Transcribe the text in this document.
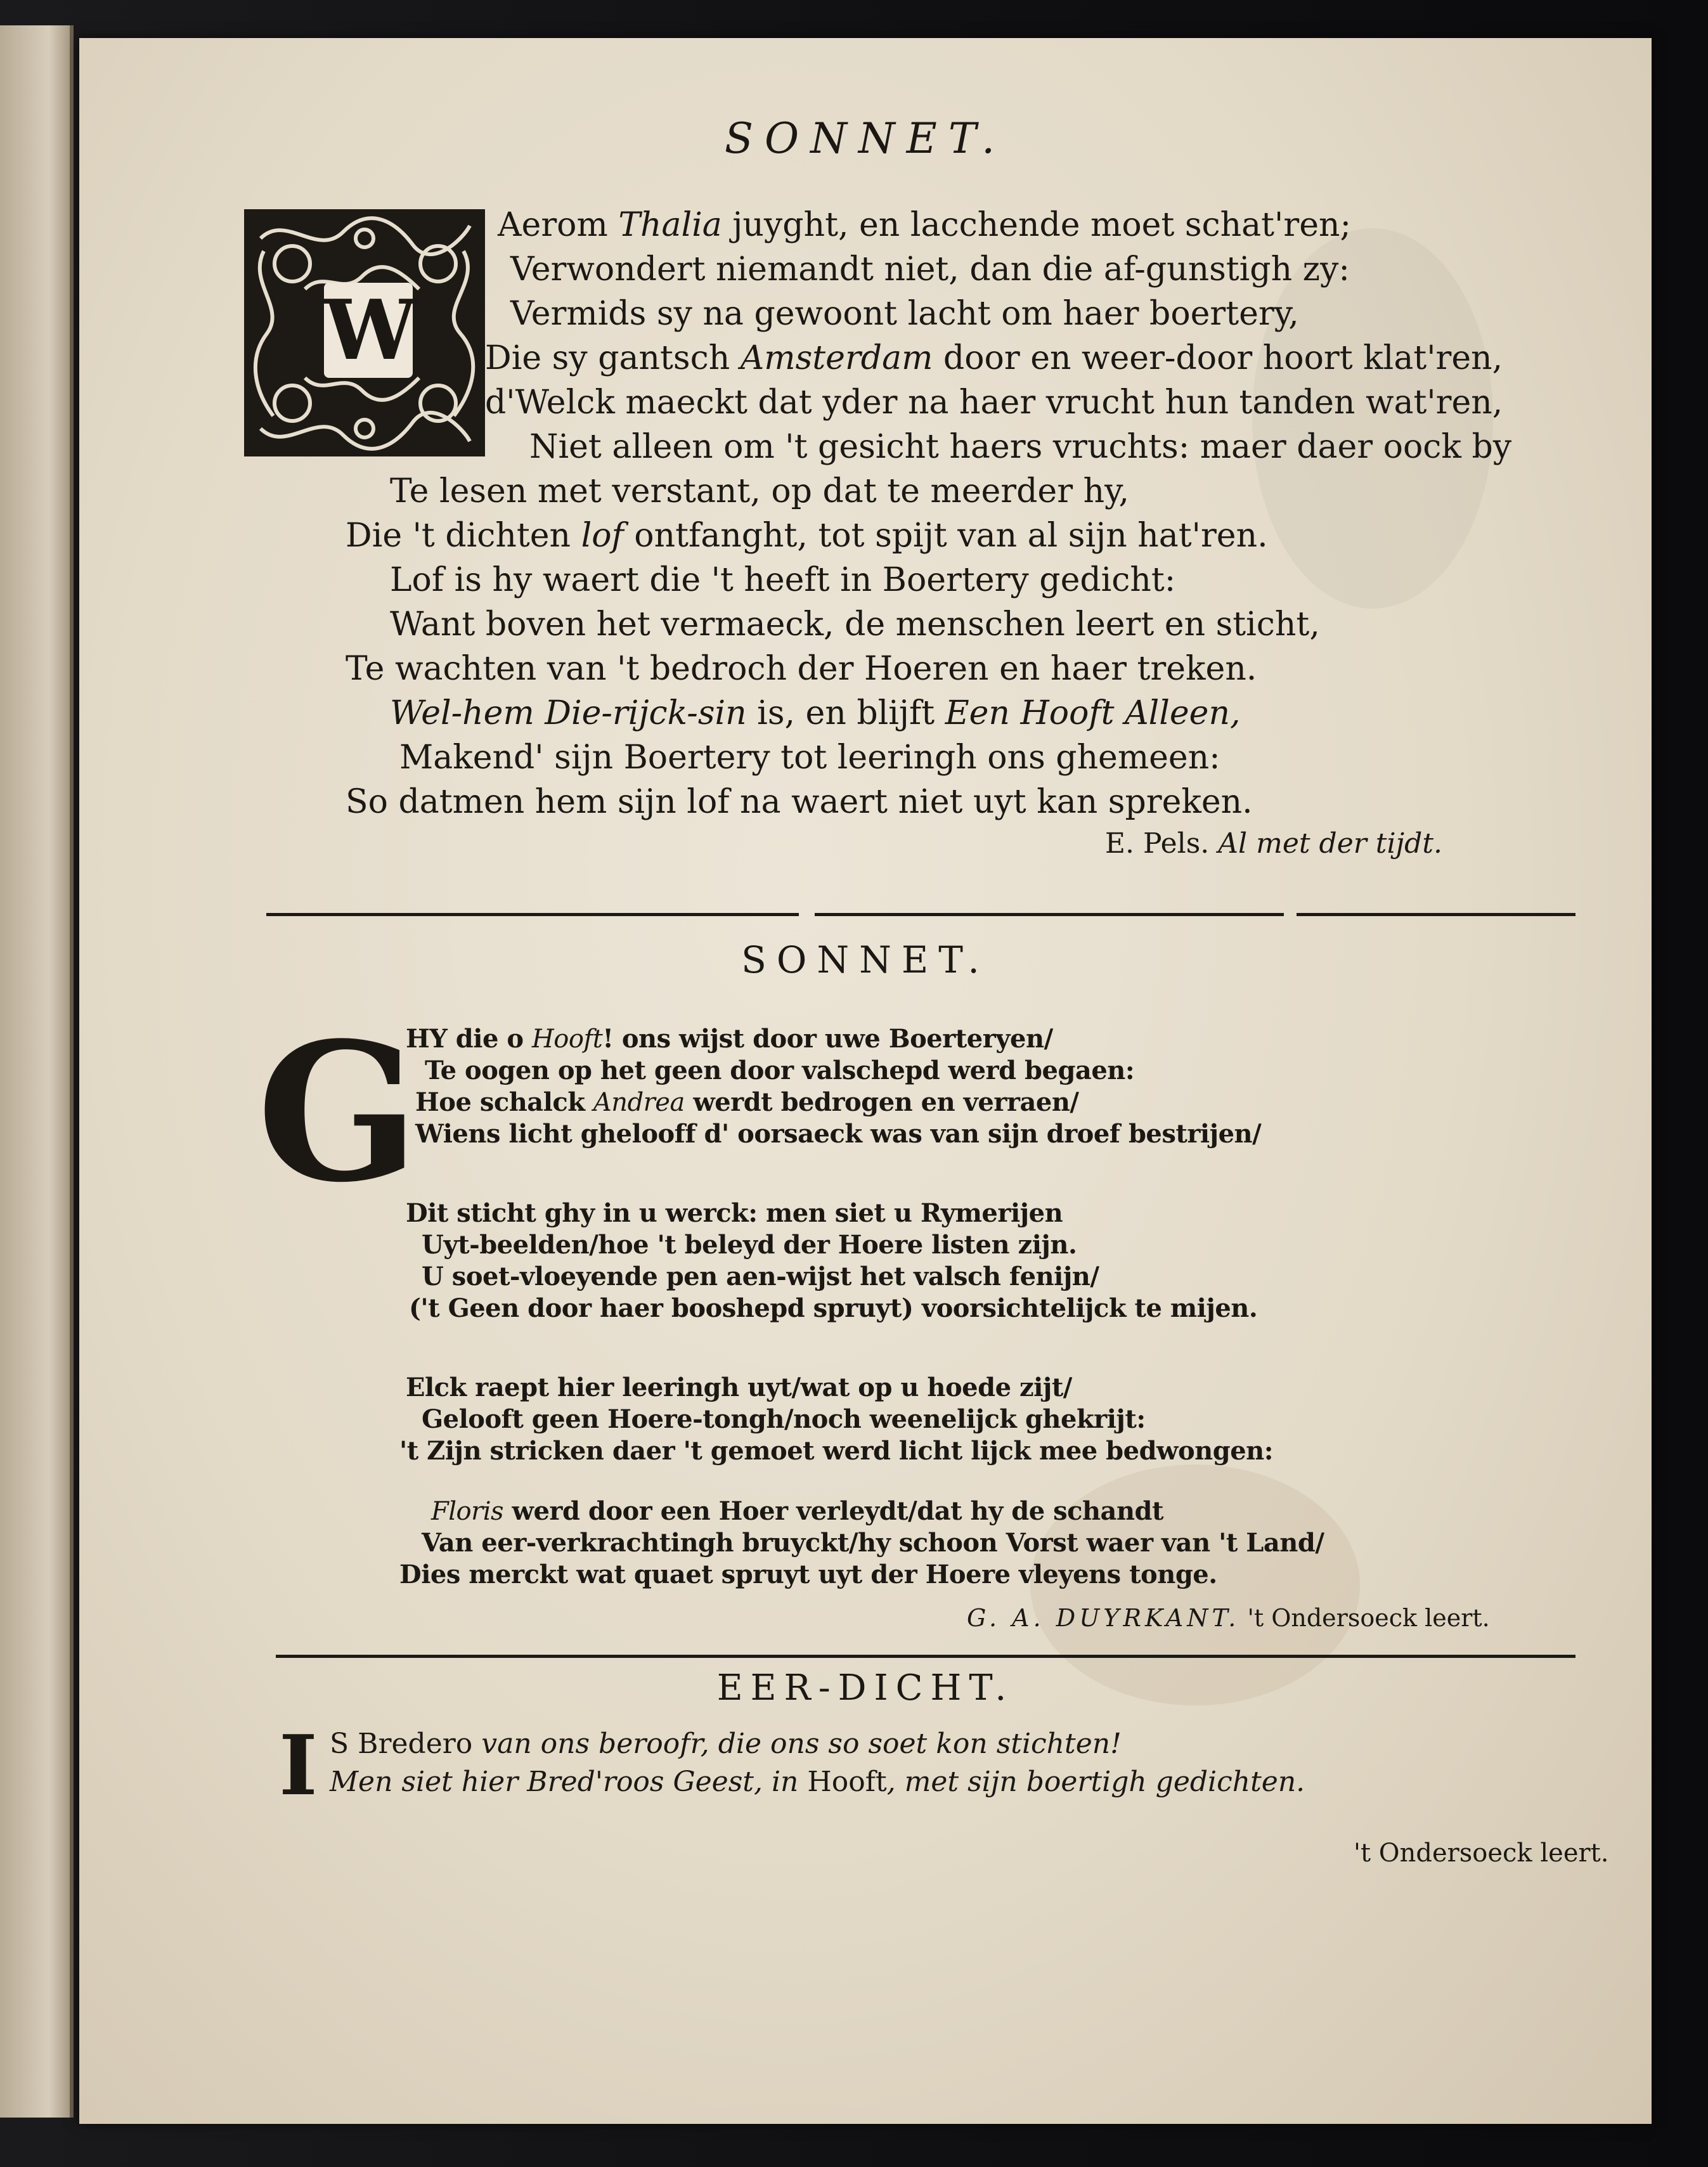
SONNET.
W
Aerom Thalia juyght, en lacchende moet schat'ren;
Verwondert niemandt niet, dan die af-gunstigh zy:
Vermids sy na gewoont lacht om haer boertery,
Die sy gantsch Amsterdam door en weer-door hoort klat'ren,
d'Welck maeckt dat yder na haer vrucht hun tanden wat'ren,
Niet alleen om 't gesicht haers vruchts: maer daer oock by
Te lesen met verstant, op dat te meerder hy,
Die 't dichten lof ontfanght, tot spijt van al sijn hat'ren.
Lof is hy waert die 't heeft in Boertery gedicht:
Want boven het vermaeck, de menschen leert en sticht,
Te wachten van 't bedroch der Hoeren en haer treken.
Wel-hem Die-rijck-sin is, en blijft Een Hooft Alleen,
Makend' sijn Boertery tot leeringh ons ghemeen:
So datmen hem sijn lof na waert niet uyt kan spreken.
E. Pels. Al met der tijdt.
SONNET.
G
HY die o Hooft! ons wijst door uwe Boerteryen/
Te oogen op het geen door valschepd werd begaen:
Hoe schalck Andrea werdt bedrogen en verraen/
Wiens licht ghelooff d' oorsaeck was van sijn droef bestrijen/
Dit sticht ghy in u werck: men siet u Rymerijen
Uyt-beelden/hoe 't beleyd der Hoere listen zijn.
U soet-vloeyende pen aen-wijst het valsch fenijn/
('t Geen door haer booshepd spruyt) voorsichtelijck te mijen.
Elck raept hier leeringh uyt/wat op u hoede zijt/
Gelooft geen Hoere-tongh/noch weenelijck ghekrijt:
't Zijn stricken daer 't gemoet werd licht lijck mee bedwongen:
Floris werd door een Hoer verleydt/dat hy de schandt
Van eer-verkrachtingh bruyckt/hy schoon Vorst waer van 't Land/
Dies merckt wat quaet spruyt uyt der Hoere vleyens tonge.
G. A. DUYRKANT. 't Ondersoeck leert.
EER-DICHT.
I S Bredero van ons beroofr, die ons so soet kon stichten!
Men siet hier Bred'roos Geest, in Hooft, met sijn boertigh gedichten.
't Ondersoeck leert.
